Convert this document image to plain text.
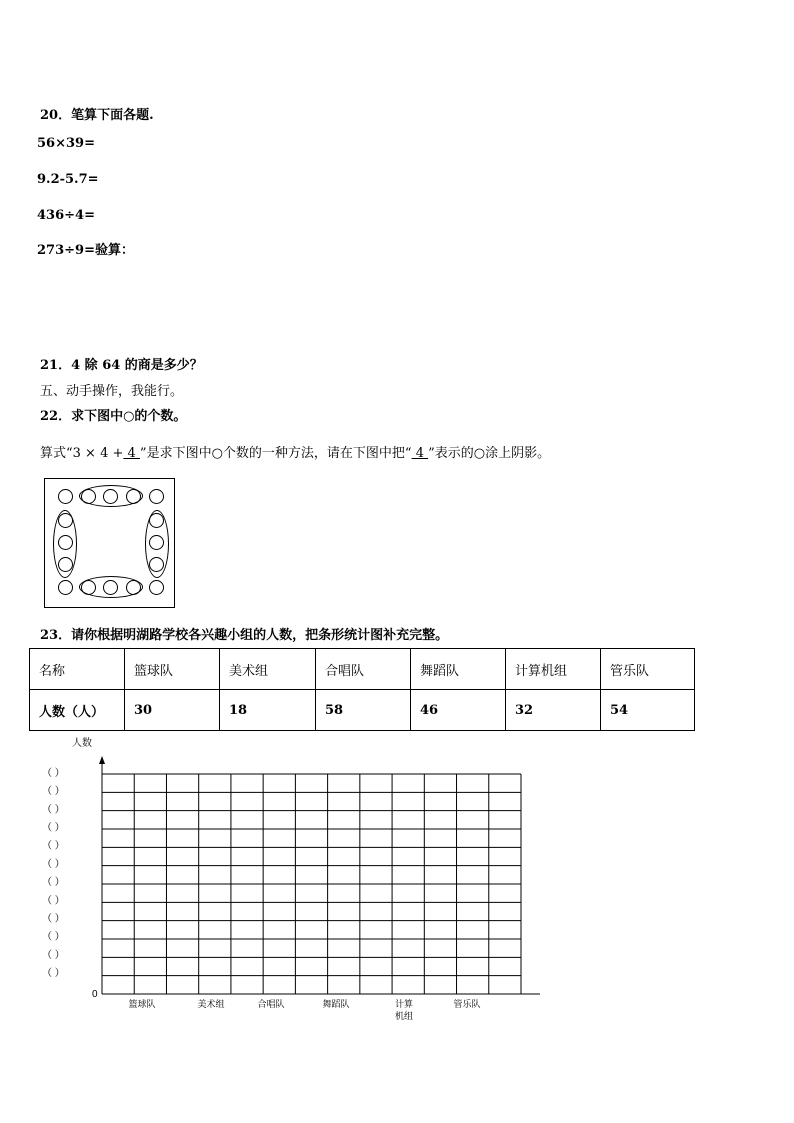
20．笔算下面各题.
56×39=
9.2-5.7=
436÷4=
273÷9=验算：
21．4 除 64 的商是多少？
五、动手操作，我能行。
22．求下图中○的个数。
算式“3 × 4 + 4 ”是求下图中○个数的一种方法，请在下图中把“ 4 ”表示的○涂上阴影。
23．请你根据明湖路学校各兴趣小组的人数，把条形统计图补充完整。
名称	篮球队	美术组	合唱队	舞蹈队	计算机组	管乐队
人数（人）	30	18	58	46	32	54
人数
0
（ ）
（ ）
（ ）
（ ）
（ ）
（ ）
（ ）
（ ）
（ ）
（ ）
（ ）
（ ）
篮球队	美术组	合唱队	舞蹈队	计算
机组
管乐队
